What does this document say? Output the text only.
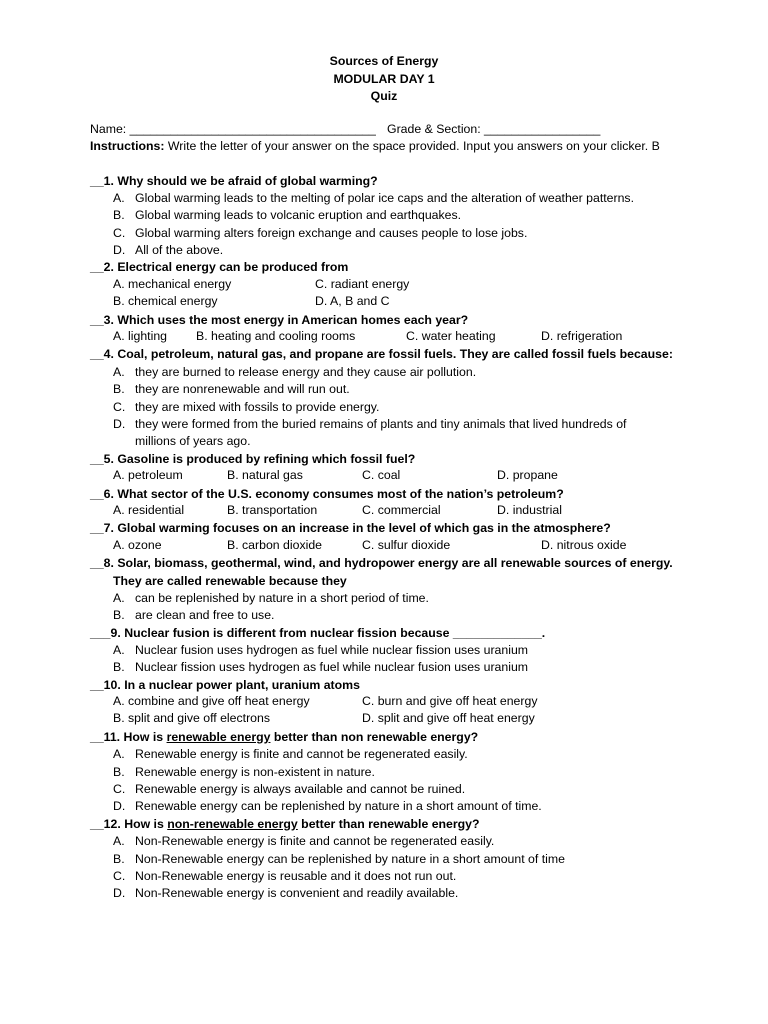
Sources of Energy
MODULAR DAY 1
Quiz
Name: ____________________________________ Grade & Section: _________________
Instructions: Write the letter of your answer on the space provided. Input you answers on your clicker. B
__1. Why should we be afraid of global warming?
A. Global warming leads to the melting of polar ice caps and the alteration of weather patterns.
B. Global warming leads to volcanic eruption and earthquakes.
C. Global warming alters foreign exchange and causes people to lose jobs.
D. All of the above.
__2. Electrical energy can be produced from
A. mechanical energy	C. radiant energy
B. chemical energy	D. A, B and C
__3. Which uses the most energy in American homes each year?
A. lighting B. heating and cooling rooms	C. water heating	D. refrigeration
__4. Coal, petroleum, natural gas, and propane are fossil fuels. They are called fossil fuels because:
A. they are burned to release energy and they cause air pollution.
B. they are nonrenewable and will run out.
C. they are mixed with fossils to provide energy.
D. they were formed from the buried remains of plants and tiny animals that lived hundreds of
millions of years ago.
__5. Gasoline is produced by refining which fossil fuel?
A. petroleum	B. natural gas	C. coal	D. propane
__6. What sector of the U.S. economy consumes most of the nation’s petroleum?
A. residential	B. transportation	C. commercial	D. industrial
__7. Global warming focuses on an increase in the level of which gas in the atmosphere?
A. ozone	B. carbon dioxide	C. sulfur dioxide	D. nitrous oxide
__8. Solar, biomass, geothermal, wind, and hydropower energy are all renewable sources of energy.
They are called renewable because they
A. can be replenished by nature in a short period of time.
B. are clean and free to use.
___9. Nuclear fusion is different from nuclear fission because _____________.
A. Nuclear fusion uses hydrogen as fuel while nuclear fission uses uranium
B. Nuclear fission uses hydrogen as fuel while nuclear fusion uses uranium
__10. In a nuclear power plant, uranium atoms
A. combine and give off heat energy	C. burn and give off heat energy
B. split and give off electrons	D. split and give off heat energy
__11. How is renewable energy better than non renewable energy?
A. Renewable energy is finite and cannot be regenerated easily.
B. Renewable energy is non-existent in nature.
C. Renewable energy is always available and cannot be ruined.
D. Renewable energy can be replenished by nature in a short amount of time.
__12. How is non-renewable energy better than renewable energy?
A. Non-Renewable energy is finite and cannot be regenerated easily.
B. Non-Renewable energy can be replenished by nature in a short amount of time
C. Non-Renewable energy is reusable and it does not run out.
D. Non-Renewable energy is convenient and readily available.
